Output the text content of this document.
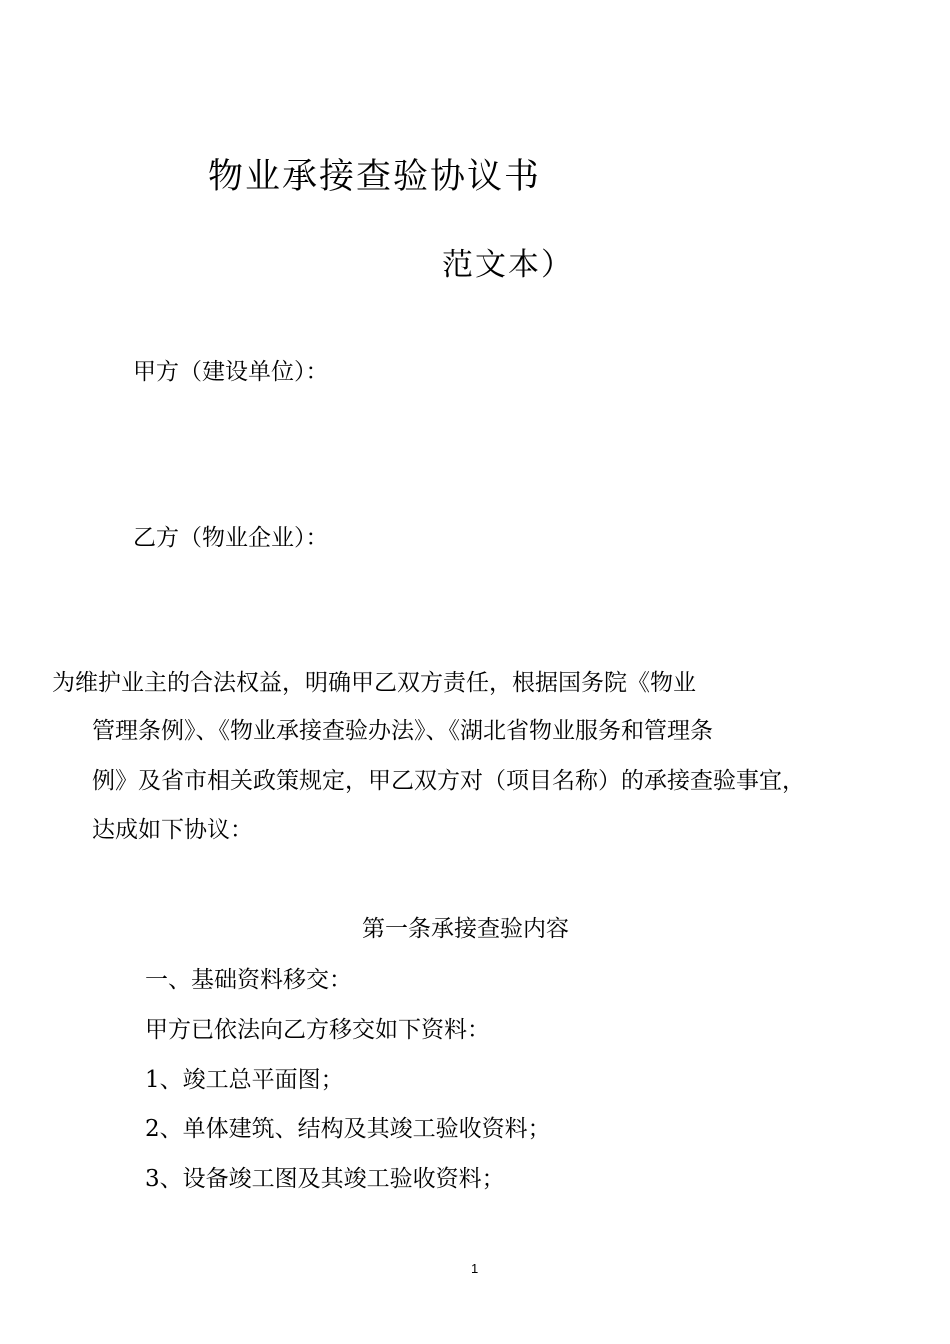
物业承接查验协议书
范文本）
甲方（建设单位）：
乙方（物业企业）：
为维护业主的合法权益，明确甲乙双方责任，根据国务院《物业
管理条例》、《物业承接查验办法》、《湖北省物业服务和管理条
例》及省市相关政策规定，甲乙双方对（项目名称）的承接查验事宜，
达成如下协议：
第一条承接查验内容
一、基础资料移交：
甲方已依法向乙方移交如下资料：
1、竣工总平面图；
2、单体建筑、结构及其竣工验收资料；
3、设备竣工图及其竣工验收资料；
1
